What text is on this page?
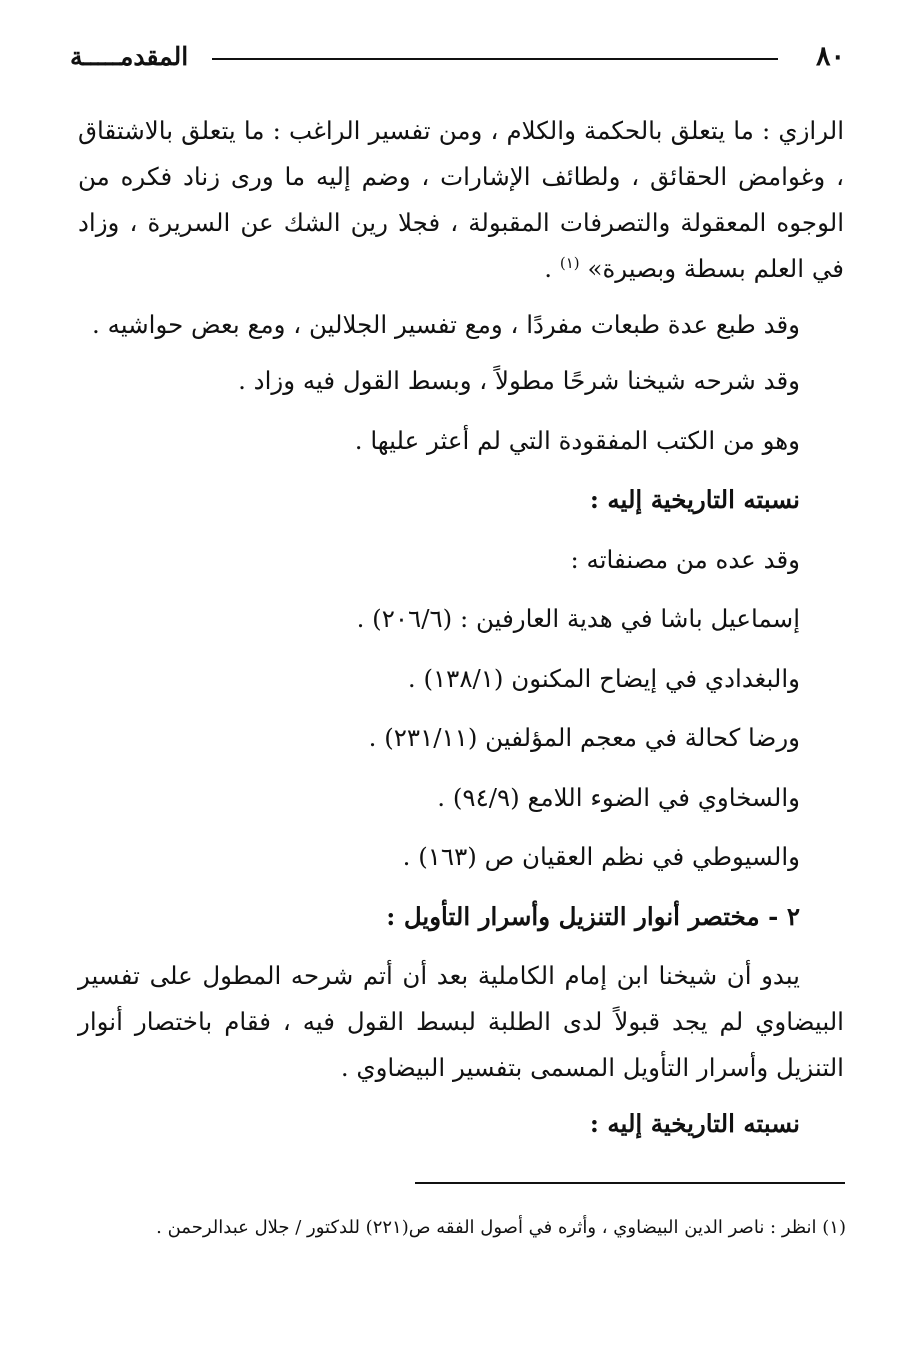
٨٠
المقدمـــــة

الرازي : ما يتعلق بالحكمة والكلام ، ومن تفسير الراغب : ما يتعلق بالاشتقاق ، وغوامض الحقائق ، ولطائف الإشارات ، وضم إليه ما ورى زناد فكره من الوجوه المعقولة والتصرفات المقبولة ، فجلا رين الشك عن السريرة ، وزاد في العلم بسطة وبصيرة» $^{(١)}$ .

وقد طبع عدة طبعات مفردًا ، ومع تفسير الجلالين ، ومع بعض حواشيه .

وقد شرحه شيخنا شرحًا مطولاً ، وبسط القول فيه وزاد .

وهو من الكتب المفقودة التي لم أعثر عليها .

نسبته التاريخية إليه :

وقد عده من مصنفاته :

إسماعيل باشا في هدية العارفين : (٢٠٦/٦) .

والبغدادي في إيضاح المكنون (١٣٨/١) .

ورضا كحالة في معجم المؤلفين (٢٣١/١١) .

والسخاوي في الضوء اللامع (٩٤/٩) .

والسيوطي في نظم العقيان ص (١٦٣) .

٢ - مختصر أنوار التنزيل وأسرار التأويل :

يبدو أن شيخنا ابن إمام الكاملية بعد أن أتم شرحه المطول على تفسير البيضاوي لم يجد قبولاً لدى الطلبة لبسط القول فيه ، فقام باختصار أنوار التنزيل وأسرار التأويل المسمى بتفسير البيضاوي .

نسبته التاريخية إليه :

(١) انظر : ناصر الدين البيضاوي ، وأثره في أصول الفقه ص(٢٢١) للدكتور / جلال عبدالرحمن .
